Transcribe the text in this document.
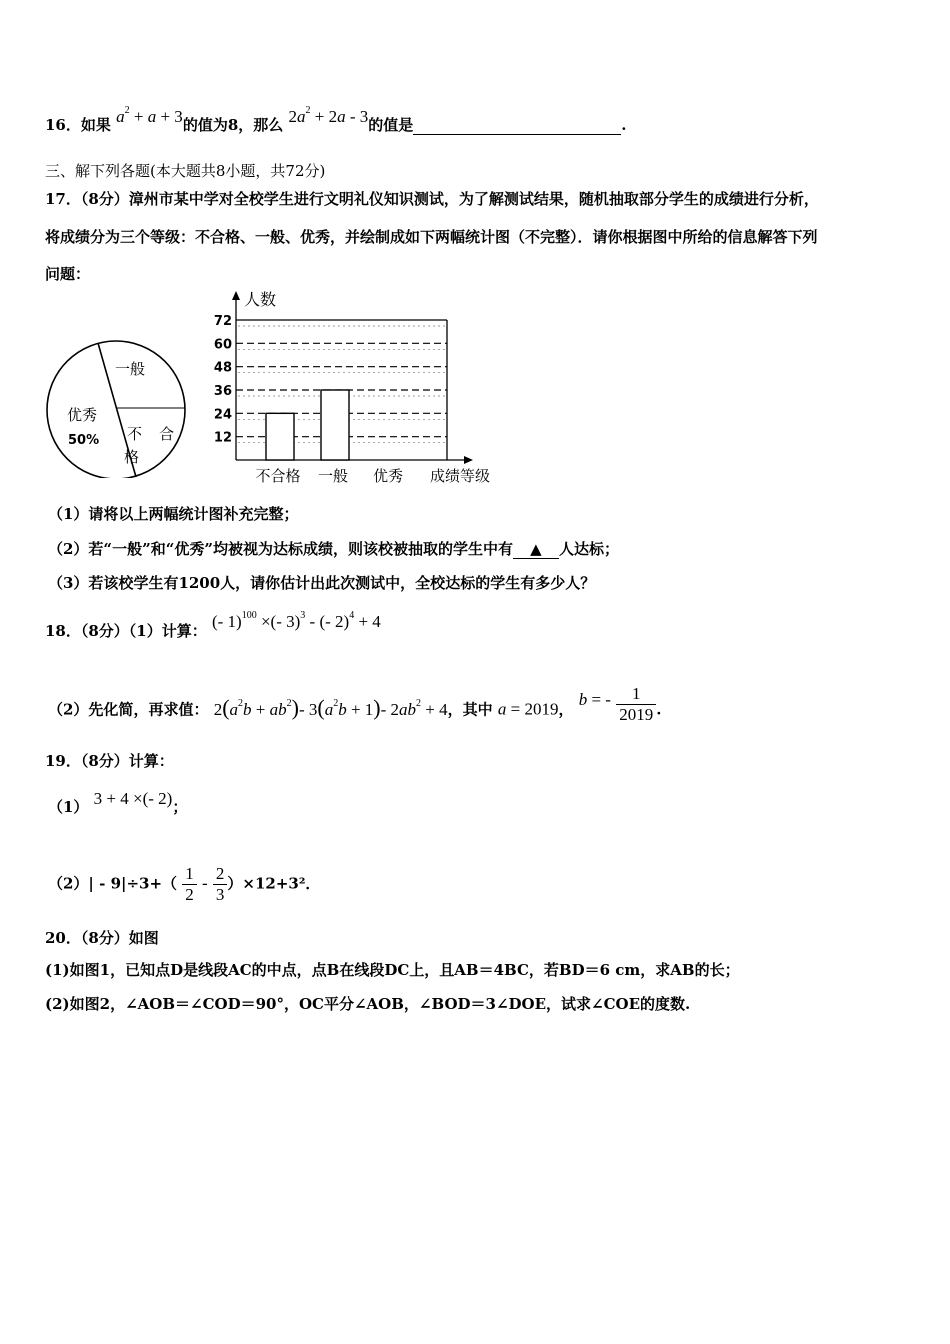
16．如果 $a^2 + a + 3$的值为8，那么 $2a^2 + 2a - 3$的值是	.
三、解下列各题(本大题共8小题，共72分)
17．（8分）漳州市某中学对全校学生进行文明礼仪知识测试，为了解测试结果，随机抽取部分学生的成绩进行分析，
将成绩分为三个等级：不合格、一般、优秀，并绘制成如下两幅统计图（不完整）．请你根据图中所给的信息解答下列
问题：
一般
优秀
50% 不 合
格
人数
成绩等级
12
24
36
48
60
72
不合格 一般 优秀
（1）请将以上两幅统计图补充完整；
（2）若“一般”和“优秀”均被视为达标成绩，则该校被抽取的学生中有 ▲ 人达标；
（3）若该校学生有1200人，请你估计出此次测试中，全校达标的学生有多少人？
18．（8分）（1）计算： (- 1)$^{100}$ ×(- 3)$^3$ - (- 2)$^4$ + 4
（2）先化简，再求值： $2(a^2b + ab^2)-$ $3(a^2b + 1)-$ $2ab^2 + 4$，其中 a = 2019， b = - $\frac{1}{2019}$ .
19．（8分）计算：
（1） 3 + 4 ×(- 2)；
$(2)| - 9|\div 3+( \frac{1}{2} - \frac{2}{3} )\times 12+3^2$．
20．（8分）如图
(1)如图1，已知点D是线段AC的中点，点B在线段DC上，且AB＝4BC，若BD＝6 cm，求AB的长；
(2)如图2，∠AOB＝∠COD＝90°，OC平分∠AOB，∠BOD＝3∠DOE，试求∠COE的度数.
